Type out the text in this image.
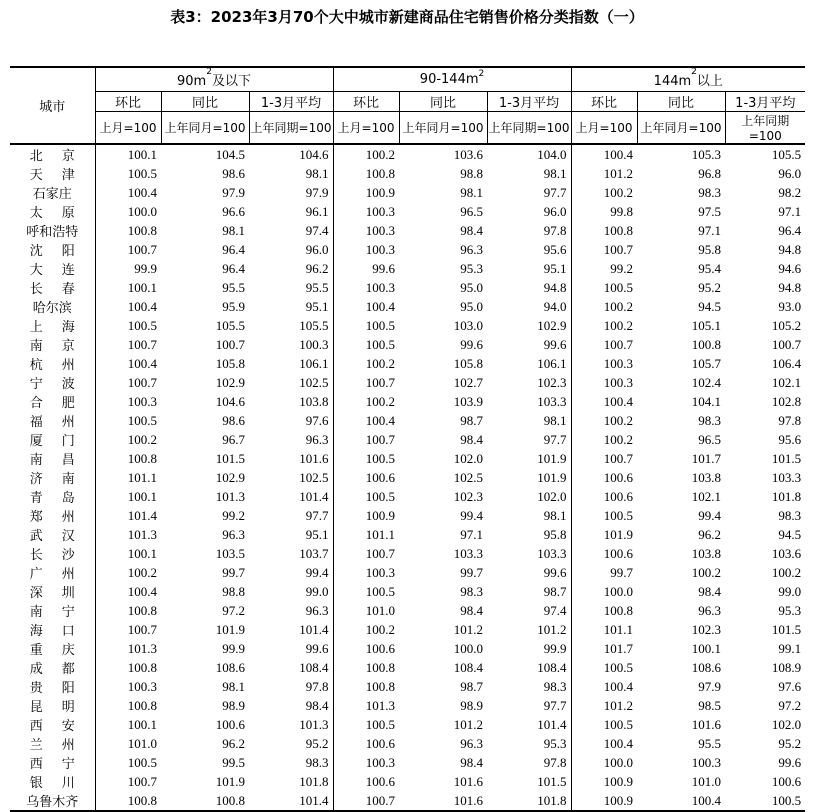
表3：2023年3月70个大中城市新建商品住宅销售价格分类指数（一）
城市	$90m^2$及以下			$90-144m^2$			$144m^2$以上		
	环比	同比	1-3月平均	环比	同比	1-3月平均	环比	同比	1-3月平均
	上月=100	上年同月=100	上年同期=100	上月=100	上年同月=100	上年同期=100	上月=100	上年同月=100	上年同期=100
北京	100.1	104.5	104.6	100.2	103.6	104.0	100.4	105.3	105.5
天津	100.5	98.6	98.1	100.8	98.8	98.1	101.2	96.8	96.0
石家庄	100.4	97.9	97.9	100.9	98.1	97.7	100.2	98.3	98.2
太原	100.0	96.6	96.1	100.3	96.5	96.0	99.8	97.5	97.1
呼和浩特	100.8	98.1	97.4	100.3	98.4	97.8	100.8	97.1	96.4
沈阳	100.7	96.4	96.0	100.3	96.3	95.6	100.7	95.8	94.8
大连	99.9	96.4	96.2	99.6	95.3	95.1	99.2	95.4	94.6
长春	100.1	95.5	95.5	100.3	95.0	94.8	100.5	95.2	94.8
哈尔滨	100.4	95.9	95.1	100.4	95.0	94.0	100.2	94.5	93.0
上海	100.5	105.5	105.5	100.5	103.0	102.9	100.2	105.1	105.2
南京	100.7	100.7	100.3	100.5	99.6	99.6	100.7	100.8	100.7
杭州	100.4	105.8	106.1	100.2	105.8	106.1	100.3	105.7	106.4
宁波	100.7	102.9	102.5	100.7	102.7	102.3	100.3	102.4	102.1
合肥	100.3	104.6	103.8	100.2	103.9	103.3	100.4	104.1	102.8
福州	100.5	98.6	97.6	100.4	98.7	98.1	100.2	98.3	97.8
厦门	100.2	96.7	96.3	100.7	98.4	97.7	100.2	96.5	95.6
南昌	100.8	101.5	101.6	100.5	102.0	101.9	100.7	101.7	101.5
济南	101.1	102.9	102.5	100.6	102.5	101.9	100.6	103.8	103.3
青岛	100.1	101.3	101.4	100.5	102.3	102.0	100.6	102.1	101.8
郑州	101.4	99.2	97.7	100.9	99.4	98.1	100.5	99.4	98.3
武汉	101.3	96.3	95.1	101.1	97.1	95.8	101.9	96.2	94.5
长沙	100.1	103.5	103.7	100.7	103.3	103.3	100.6	103.8	103.6
广州	100.2	99.7	99.4	100.3	99.7	99.6	99.7	100.2	100.2
深圳	100.4	98.8	99.0	100.5	98.3	98.7	100.0	98.4	99.0
南宁	100.8	97.2	96.3	101.0	98.4	97.4	100.8	96.3	95.3
海口	100.7	101.9	101.4	100.2	101.2	101.2	101.1	102.3	101.5
重庆	101.3	99.9	99.6	100.6	100.0	99.9	101.7	100.1	99.1
成都	100.8	108.6	108.4	100.8	108.4	108.4	100.5	108.6	108.9
贵阳	100.3	98.1	97.8	100.8	98.7	98.3	100.4	97.9	97.6
昆明	100.8	98.9	98.4	101.3	98.9	97.7	101.2	98.5	97.2
西安	100.1	100.6	101.3	100.5	101.2	101.4	100.5	101.6	102.0
兰州	101.0	96.2	95.2	100.6	96.3	95.3	100.4	95.5	95.2
西宁	100.5	99.5	98.3	100.3	98.4	97.8	100.0	100.3	99.6
银川	100.7	101.9	101.8	100.6	101.6	101.5	100.9	101.0	100.6
乌鲁木齐	100.8	100.8	101.4	100.7	101.6	101.8	100.9	100.4	100.5
